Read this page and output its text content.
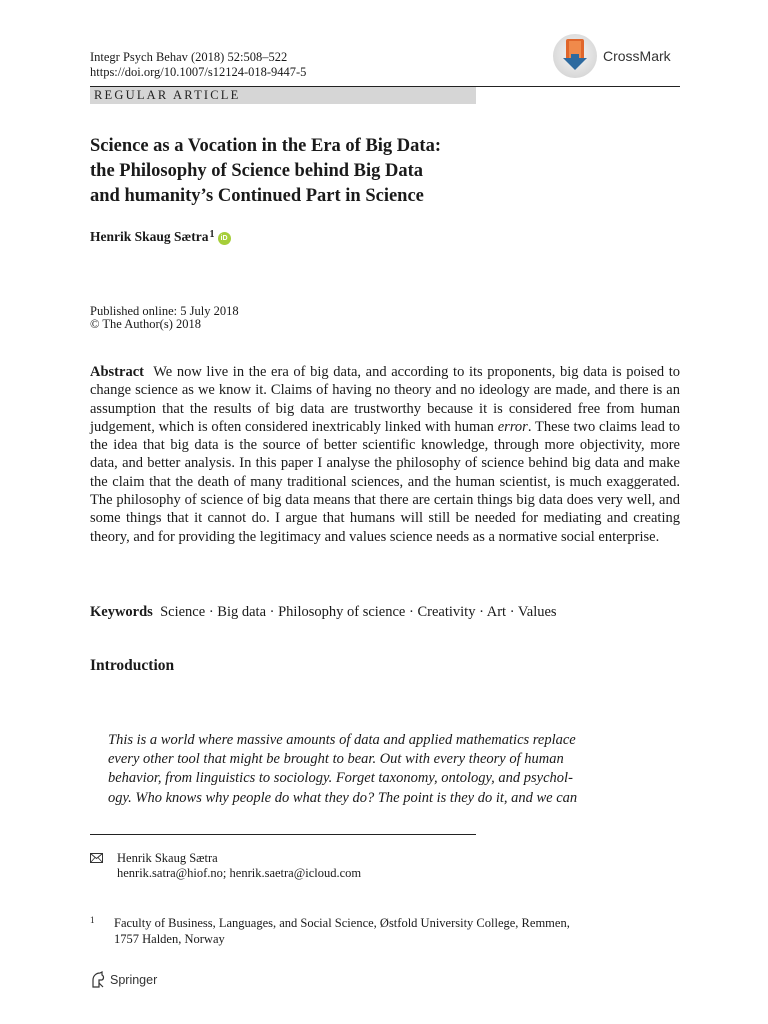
Integr Psych Behav (2018) 52:508–522
https://doi.org/10.1007/s12124-018-9447-5
CrossMark
REGULAR ARTICLE
Science as a Vocation in the Era of Big Data:
the Philosophy of Science behind Big Data
and humanity’s Continued Part in Science
Henrik Skaug Sætra$^1$ iD
Published online: 5 July 2018
© The Author(s) 2018
Abstract We now live in the era of big data, and according to its proponents, big data is poised to change science as we know it. Claims of having no theory and no ideology are made, and there is an assumption that the results of big data are trustworthy because it is considered free from human judgement, which is often considered inextricably linked with human error. These two claims lead to the idea that big data is the source of better scientific knowledge, through more objectivity, more data, and better analysis. In this paper I analyse the philosophy of science behind big data and make the claim that the death of many traditional sciences, and the human scientist, is much exaggerated. The philosophy of science of big data means that there are certain things big data does very well, and some things that it cannot do. I argue that humans will still be needed for mediating and creating theory, and for providing the legitimacy and values science needs as a normative social enterprise.
Keywords Science · Big data · Philosophy of science · Creativity · Art · Values
Introduction
This is a world where massive amounts of data and applied mathematics replace
every other tool that might be brought to bear. Out with every theory of human
behavior, from linguistics to sociology. Forget taxonomy, ontology, and psychol-
ogy. Who knows why people do what they do? The point is they do it, and we can
Henrik Skaug Sætra
henrik.satra@hiof.no; henrik.saetra@icloud.com
1 Faculty of Business, Languages, and Social Science, Østfold University College, Remmen,
1757 Halden, Norway
Springer
